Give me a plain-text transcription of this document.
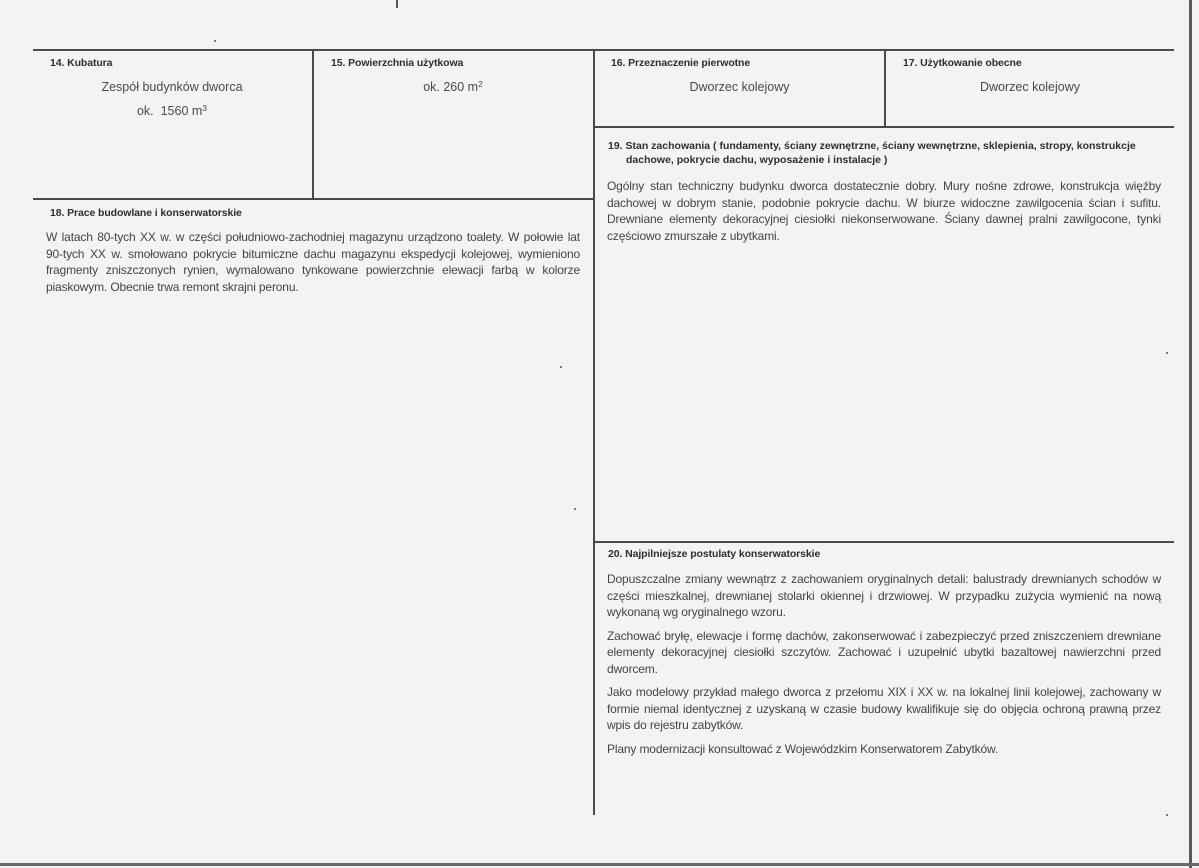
14. Kubatura
Zespół budynków dworca
ok. 1560 $m^3$
15. Powierzchnia użytkowa
ok. 260 $m^2$
16. Przeznaczenie pierwotne
Dworzec kolejowy
17. Użytkowanie obecne
Dworzec kolejowy
18. Prace budowlane i konserwatorskie
W latach 80-tych XX w. w części południowo-zachodniej magazynu urządzono toalety. W połowie lat 90-tych XX w. smołowano pokrycie bitumiczne dachu magazynu ekspedycji kolejowej, wymieniono fragmenty zniszczonych rynien, wymalowano tynkowane powierzchnie elewacji farbą w kolorze piaskowym. Obecnie trwa remont skrajni peronu.
19. Stan zachowania ( fundamenty, ściany zewnętrzne, ściany wewnętrzne, sklepienia, stropy, konstrukcje dachowe, pokrycie dachu, wyposażenie i instalacje )
Ogólny stan techniczny budynku dworca dostatecznie dobry. Mury nośne zdrowe, konstrukcja więźby dachowej w dobrym stanie, podobnie pokrycie dachu. W biurze widoczne zawilgocenia ścian i sufitu. Drewniane elementy dekoracyjnej ciesiołki niekonserwowane. Ściany dawnej pralni zawilgocone, tynki częściowo zmurszałe z ubytkami.
20. Najpilniejsze postulaty konserwatorskie

Dopuszczalne zmiany wewnątrz z zachowaniem oryginalnych detali: balustrady drewnianych schodów w części mieszkalnej, drewnianej stolarki okiennej i drzwiowej. W przypadku zużycia wymienić na nową wykonaną wg oryginalnego wzoru.

Zachować bryłę, elewacje i formę dachów, zakonserwować i zabezpieczyć przed zniszczeniem drewniane elementy dekoracyjnej ciesiołki szczytów. Zachować i uzupełnić ubytki bazaltowej nawierzchni przed dworcem.

Jako modelowy przykład małego dworca z przełomu XIX i XX w. na lokalnej linii kolejowej, zachowany w formie niemal identycznej z uzyskaną w czasie budowy kwalifikuje się do objęcia ochroną prawną przez wpis do rejestru zabytków.

Plany modernizacji konsultować z Wojewódzkim Konserwatorem Zabytków.
